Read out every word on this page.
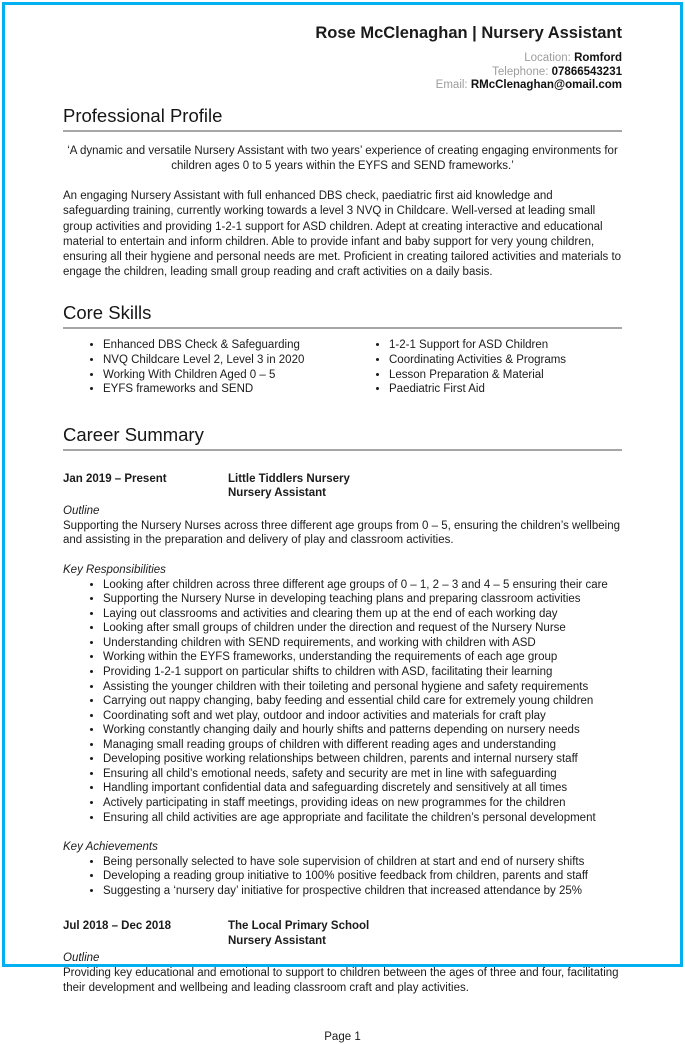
Rose McClenaghan | Nursery Assistant
Location: Romford
Telephone: 07866543231
Email: RMcClenaghan@omail.com
Professional Profile

‘A dynamic and versatile Nursery Assistant with two years’ experience of creating engaging environments for children ages 0 to 5 years within the EYFS and SEND frameworks.’

An engaging Nursery Assistant with full enhanced DBS check, paediatric first aid knowledge and safeguarding training, currently working towards a level 3 NVQ in Childcare. Well-versed at leading small group activities and providing 1-2-1 support for ASD children. Adept at creating interactive and educational material to entertain and inform children. Able to provide infant and baby support for very young children, ensuring all their hygiene and personal needs are met. Proficient in creating tailored activities and materials to engage the children, leading small group reading and craft activities on a daily basis.

Core Skills
• Enhanced DBS Check & Safeguarding
• NVQ Childcare Level 2, Level 3 in 2020
• Working With Children Aged 0 – 5
• EYFS frameworks and SEND
• 1-2-1 Support for ASD Children
• Coordinating Activities & Programs
• Lesson Preparation & Material
• Paediatric First Aid
Career Summary
Jan 2019 – Present	Little Tiddlers Nursery
Nursery Assistant
Outline

Supporting the Nursery Nurses across three different age groups from 0 – 5, ensuring the children’s wellbeing and assisting in the preparation and delivery of play and classroom activities.

Key Responsibilities
• Looking after children across three different age groups of 0 – 1, 2 – 3 and 4 – 5 ensuring their care
• Supporting the Nursery Nurse in developing teaching plans and preparing classroom activities
• Laying out classrooms and activities and clearing them up at the end of each working day
• Looking after small groups of children under the direction and request of the Nursery Nurse
• Understanding children with SEND requirements, and working with children with ASD
• Working within the EYFS frameworks, understanding the requirements of each age group
• Providing 1-2-1 support on particular shifts to children with ASD, facilitating their learning
• Assisting the younger children with their toileting and personal hygiene and safety requirements
• Carrying out nappy changing, baby feeding and essential child care for extremely young children
• Coordinating soft and wet play, outdoor and indoor activities and materials for craft play
• Working constantly changing daily and hourly shifts and patterns depending on nursery needs
• Managing small reading groups of children with different reading ages and understanding
• Developing positive working relationships between children, parents and internal nursery staff
• Ensuring all child’s emotional needs, safety and security are met in line with safeguarding
• Handling important confidential data and safeguarding discretely and sensitively at all times
• Actively participating in staff meetings, providing ideas on new programmes for the children
• Ensuring all child activities are age appropriate and facilitate the children’s personal development
Key Achievements
• Being personally selected to have sole supervision of children at start and end of nursery shifts
• Developing a reading group initiative to 100% positive feedback from children, parents and staff
• Suggesting a ‘nursery day’ initiative for prospective children that increased attendance by 25%
Jul 2018 – Dec 2018	The Local Primary School
Nursery Assistant
Outline

Providing key educational and emotional to support to children between the ages of three and four, facilitating their development and wellbeing and leading classroom craft and play activities.

Page 1
